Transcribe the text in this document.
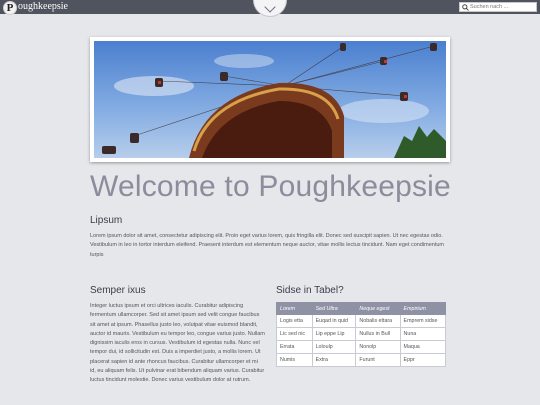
P oughkeepsie
Suchen nach ...
Welcome to Poughkeepsie
Lipsum

Lorem ipsum dolor sit amet, consectetur adipiscing elit. Proin eget varius lorem, quis fringilla elit. Donec sed suscipit sapien. Ut nec egestas odio. Vestibulum in leo in tortor interdum eleifend. Praesent interdum est elementum neque auctor, vitae mollis lectus tincidunt. Nam eget condimentum turpis

Semper ixus

Integer luctus ipsum et orci ultrices iaculis. Curabitur adipiscing fermentum ullamcorper. Sed sit amet ipsum sed velit congue faucibus sit amet at ipsum. Phasellus justo leo, volutpat vitae euismod blandit, auctor id mauris. Vestibulum eu tempor leo, congue varius justo. Nullam dignissim iaculis eros in cursus. Vestibulum id egestas nulla. Nunc vel tempor dui, id sollicitudin est. Duis a imperdiet justo, a mollis lorem. Ut placerat sapien id ante rhoncus faucibus. Curabitur ullamcorper et mi id, eu aliquam felis. Ut pulvinar erat bibendum aliquam varius. Curabitur luctus tincidunt molestie. Donec varius vestibulum dolor at rutrum.

Sidse in Tabel?
Lorem	Sed Ultra	Neque egest	Empirium
Logis etta	Euqad in quid	Nobalis ettara	Emprem sidse
Lic sed nic	Lip eppe Lip	Nullus in Bull	Nuna
Errata	Loloulp	Nonolp	Maqua
Numis	Extra	Furunt	Eppr
